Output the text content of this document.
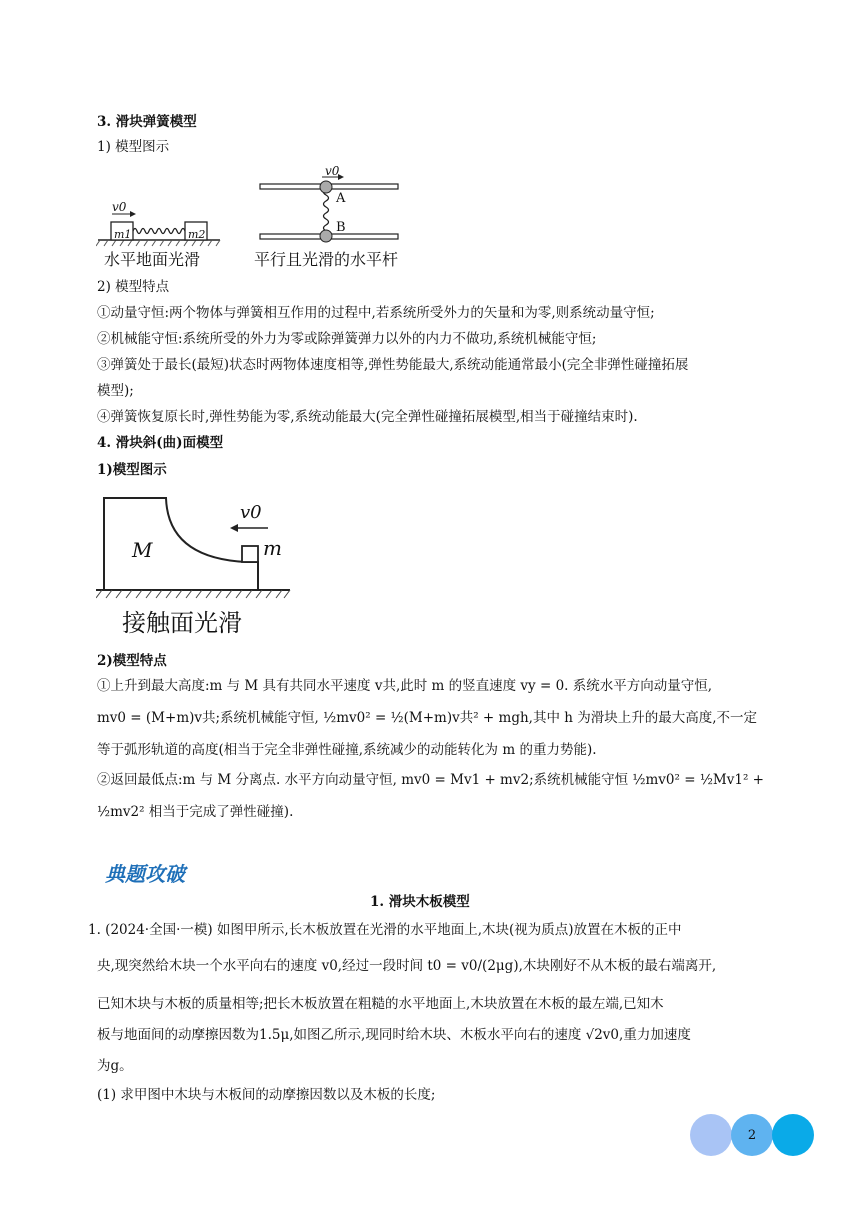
3. 滑块弹簧模型
1) 模型图示
v0
m1	m2
水平地面光滑
v0
A
B
平行且光滑的水平杆
2) 模型特点
①动量守恒:两个物体与弹簧相互作用的过程中,若系统所受外力的矢量和为零,则系统动量守恒;
②机械能守恒:系统所受的外力为零或除弹簧弹力以外的内力不做功,系统机械能守恒;
③弹簧处于最长(最短)状态时两物体速度相等,弹性势能最大,系统动能通常最小(完全非弹性碰撞拓展
模型);
④弹簧恢复原长时,弹性势能为零,系统动能最大(完全弹性碰撞拓展模型,相当于碰撞结束时).
4. 滑块斜(曲)面模型
1)模型图示
M	m
v0
接触面光滑
2)模型特点
①上升到最大高度:m 与 M 具有共同水平速度 v共,此时 m 的竖直速度 vy = 0. 系统水平方向动量守恒,
mv0 = (M+m)v共;系统机械能守恒, ½mv0² = ½(M+m)v共² + mgh,其中 h 为滑块上升的最大高度,不一定
等于弧形轨道的高度(相当于完全非弹性碰撞,系统减少的动能转化为 m 的重力势能).
②返回最低点:m 与 M 分离点. 水平方向动量守恒, mv0 = Mv1 + mv2;系统机械能守恒 ½mv0² = ½Mv1² +
½mv2² 相当于完成了弹性碰撞).
典题攻破
1. 滑块木板模型
1. (2024·全国·一模) 如图甲所示,长木板放置在光滑的水平地面上,木块(视为质点)放置在木板的正中
央,现突然给木块一个水平向右的速度 v0,经过一段时间 t0 = v0/(2μg),木块刚好不从木板的最右端离开,
已知木块与木板的质量相等;把长木板放置在粗糙的水平地面上,木块放置在木板的最左端,已知木
板与地面间的动摩擦因数为1.5μ,如图乙所示,现同时给木块、木板水平向右的速度 √2v0,重力加速度
为g。
(1) 求甲图中木块与木板间的动摩擦因数以及木板的长度;
2
